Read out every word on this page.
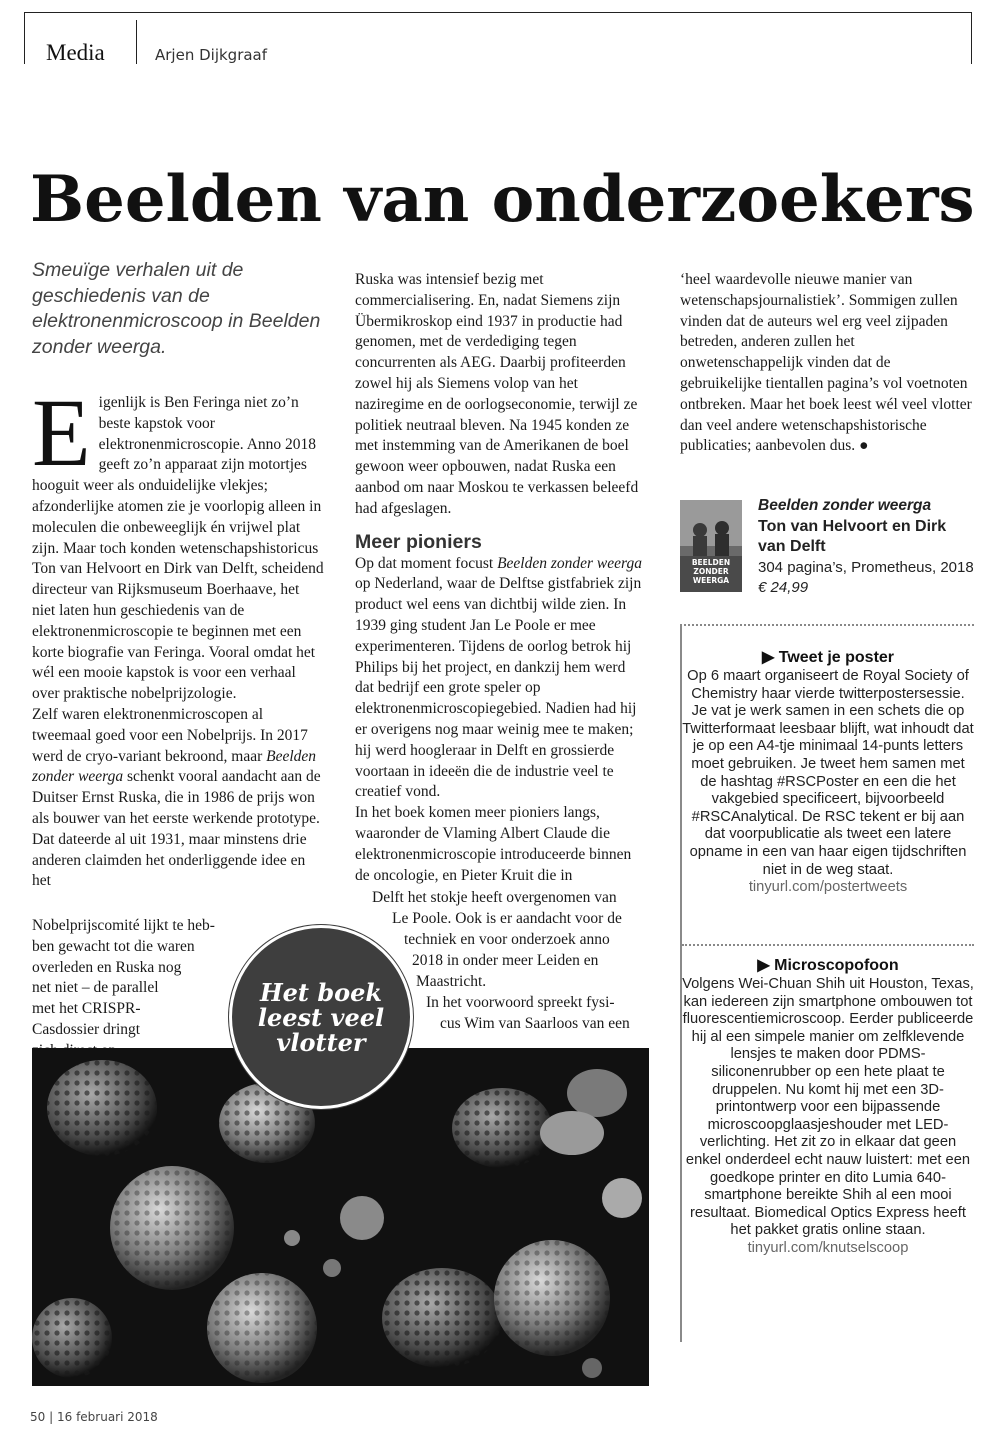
Media	Arjen Dijkgraaf
Beelden van onderzoekers
Smeuïge verhalen uit de geschiedenis van de elektronenmicroscoop in Beelden zonder weerga.

Eigenlijk is Ben Feringa niet zo’n beste kapstok voor elektronenmicroscopie. Anno 2018 geeft zo’n apparaat zijn motortjes hooguit weer als onduidelijke vlekjes; afzonderlijke atomen zie je voorlopig alleen in moleculen die onbeweeglijk én vrijwel plat zijn. Maar toch konden wetenschapshistoricus Ton van Helvoort en Dirk van Delft, scheidend directeur van Rijksmuseum Boerhaave, het niet laten hun geschiedenis van de elektronenmicroscopie te beginnen met een korte biografie van Feringa. Vooral omdat het wél een mooie kapstok is voor een verhaal over praktische nobelprijzologie.

Zelf waren elektronenmicroscopen al tweemaal goed voor een Nobelprijs. In 2017 werd de cryo-variant bekroond, maar Beelden zonder weerga schenkt vooral aandacht aan de Duitser Ernst Ruska, die in 1986 de prijs won als bouwer van het eerste werkende prototype. Dat dateerde al uit 1931, maar minstens drie anderen claimden het onderliggende idee en het

Nobelprijscomité lijkt te heb-
ben gewacht tot die waren
overleden en Ruska nog
net niet – de parallel
met het CRISPR-
Casdossier dringt

Ruska was intensief bezig met commercialisering. En, nadat Siemens zijn Übermikroskop eind 1937 in productie had genomen, met de verdediging tegen concurrenten als AEG. Daarbij profiteerden zowel hij als Siemens volop van het naziregime en de oorlogseconomie, terwijl ze politiek neutraal bleven. Na 1945 konden ze met instemming van de Amerikanen de boel gewoon weer opbouwen, nadat Ruska een aanbod om naar Moskou te verkassen beleefd had afgeslagen.

Meer pioniers

Op dat moment focust Beelden zonder weerga op Nederland, waar de Delftse gistfabriek zijn product wel eens van dichtbij wilde zien. In 1939 ging student Jan Le Poole er mee experimenteren. Tijdens de oorlog betrok hij Philips bij het project, en dankzij hem werd dat bedrijf een grote speler op elektronenmicroscopiegebied. Nadien had hij er overigens nog maar weinig mee te maken; hij werd hoogleraar in Delft en grossierde voortaan in ideeën die de industrie veel te creatief vond.

In het boek komen meer pioniers langs, waaronder de Vlaming Albert Claude die elektronenmicroscopie introduceerde binnen de oncologie, en Pieter Kruit die in

Delft het stokje heeft overgenomen van
Le Poole. Ook is er aandacht voor de
techniek en voor onderzoek anno
2018 in onder meer Leiden en
Maastricht.
In het voorwoord spreekt fysi-
cus Wim van Saarloos van een

‘heel waardevolle nieuwe manier van wetenschapsjournalistiek’. Sommigen zullen vinden dat de auteurs wel erg veel zijpaden betreden, anderen zullen het onwetenschappelijk vinden dat de gebruikelijke tientallen pagina’s vol voetnoten ontbreken. Maar het boek leest wél veel vlotter dan veel andere wetenschapshistorische publicaties; aanbevolen dus. ●

BEELDEN ZONDER WEERGA
Beelden zonder weerga
Ton van Helvoort en Dirk van Delft
304 pagina’s, Prometheus, 2018
€ 24,99
▶ Tweet je poster
Op 6 maart organiseert de Royal Society of Chemistry haar vierde twitterpostersessie. Je vat je werk samen in een schets die op Twitterformaat leesbaar blijft, wat inhoudt dat je op een A4-tje minimaal 14-punts letters moet gebruiken. Je tweet hem samen met de hashtag #RSCPoster en een die het vakgebied specificeert, bijvoorbeeld #RSCAnalytical. De RSC tekent er bij aan dat voorpublicatie als tweet een latere opname in een van haar eigen tijdschriften niet in de weg staat.
tinyurl.com/postertweets
▶ Microscopofoon
Volgens Wei-Chuan Shih uit Houston, Texas, kan iedereen zijn smartphone ombouwen tot fluorescentiemicroscoop. Eerder publiceerde hij al een simpele manier om zelfklevende lensjes te maken door PDMS-siliconenrubber op een hete plaat te druppelen. Nu komt hij met een 3D-printontwerp voor een bijpassende microscoopglaasjeshouder met LED-verlichting. Het zit zo in elkaar dat geen enkel onderdeel echt nauw luistert: met een goedkope printer en dito Lumia 640-smartphone bereikte Shih al een mooi resultaat. Biomedical Optics Express heeft het pakket gratis online staan.
tinyurl.com/knutselscoop
Het boek leest veel vlotter
50 | 16 februari 2018
